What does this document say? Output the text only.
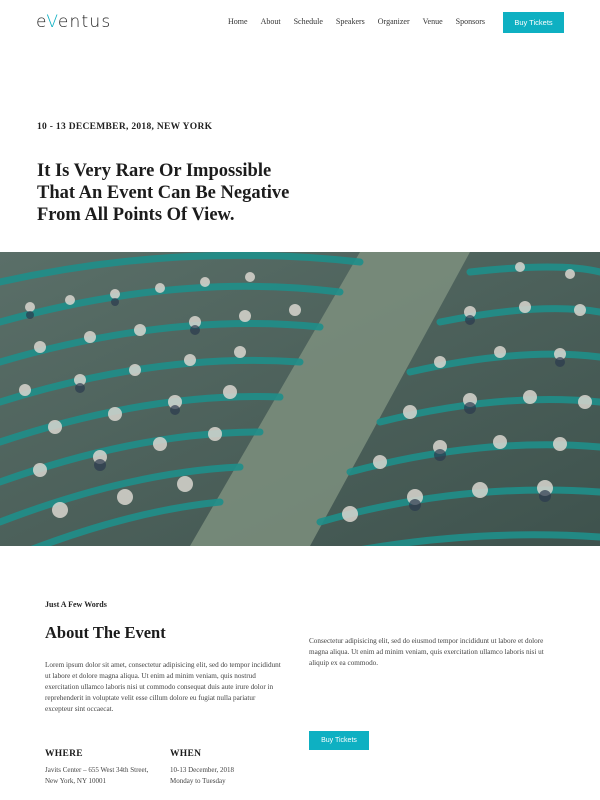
eVentus	Home About Schedule Speakers Organizer Venue Sponsors	Buy Tickets
10 - 13 DECEMBER, 2018, NEW YORK
It Is Very Rare Or Impossible
That An Event Can Be Negative
From All Points Of View.
Just A Few Words
About The Event

Lorem ipsum dolor sit amet, consectetur adipisicing elit, sed do tempor incididunt ut labore et dolore magna aliqua. Ut enim ad minim veniam, quis nostrud exercitation ullamco laboris nisi ut commodo consequat duis aute irure dolor in reprehenderit in voluptate velit esse cillum dolore eu fugiat nulla pariatur excepteur sint occaecat.

Consectetur adipisicing elit, sed do eiusmod tempor incididunt ut labore et dolore magna aliqua. Ut enim ad minim veniam, quis exercitation ullamco laboris nisi ut aliquip ex ea commodo.

Buy Tickets
WHERE
Javits Center – 655 West 34th Street,
New York, NY 10001
WHEN
10-13 December, 2018
Monday to Tuesday
